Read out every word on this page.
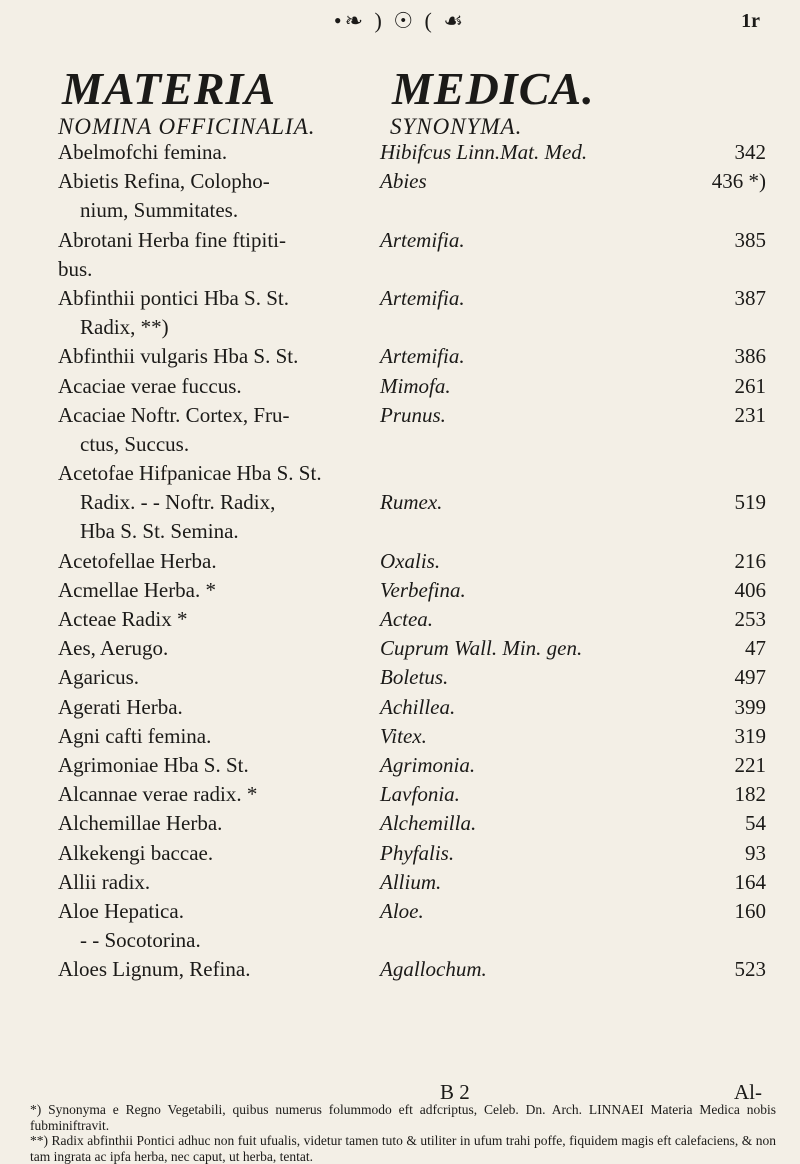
•❧ ) ☉ ( ☙	1r
MATERIA	MEDICA.
NOMINA OFFICINALIA.	SYNONYMA.
Abelmofchi femina.	Hibifcus Linn.Mat. Med.	342
Abietis Refina, Colopho-	Abies	436 *)
nium, Summitates.
Abrotani Herba fine ftipiti-	Artemifia.	385
bus.
Abfinthii pontici Hba S. St.	Artemifia.	387
Radix, **)
Abfinthii vulgaris Hba S. St.	Artemifia.	386
Acaciae verae fuccus.	Mimofa.	261
Acaciae Noftr. Cortex, Fru-	Prunus.	231
ctus, Succus.
Acetofae Hifpanicae Hba S. St.
Radix. - - Noftr. Radix,	Rumex.	519
Hba S. St. Semina.
Acetofellae Herba.	Oxalis.	216
Acmellae Herba. *	Verbefina.	406
Acteae Radix *	Actea.	253
Aes, Aerugo.	Cuprum Wall. Min. gen.	47
Agaricus.	Boletus.	497
Agerati Herba.	Achillea.	399
Agni cafti femina.	Vitex.	319
Agrimoniae Hba S. St.	Agrimonia.	221
Alcannae verae radix. *	Lavfonia.	182
Alchemillae Herba.	Alchemilla.	54
Alkekengi baccae.	Phyfalis.	93
Allii radix.	Allium.	164
Aloe Hepatica.	Aloe.	160
- - Socotorina.
Aloes Lignum, Refina.	Agallochum.	523
B 2	Al-
*) Synonyma e Regno Vegetabili, quibus numerus folummodo eft adfcriptus, Celeb. Dn. Arch. LINNAEI Materia Medica nobis fubminiftravit.
**) Radix abfinthii Pontici adhuc non fuit ufualis, videtur tamen tuto & utiliter in ufum trahi poffe, fiquidem magis eft calefaciens, & non tam ingrata ac ipfa herba, nec caput, ut herba, tentat.
